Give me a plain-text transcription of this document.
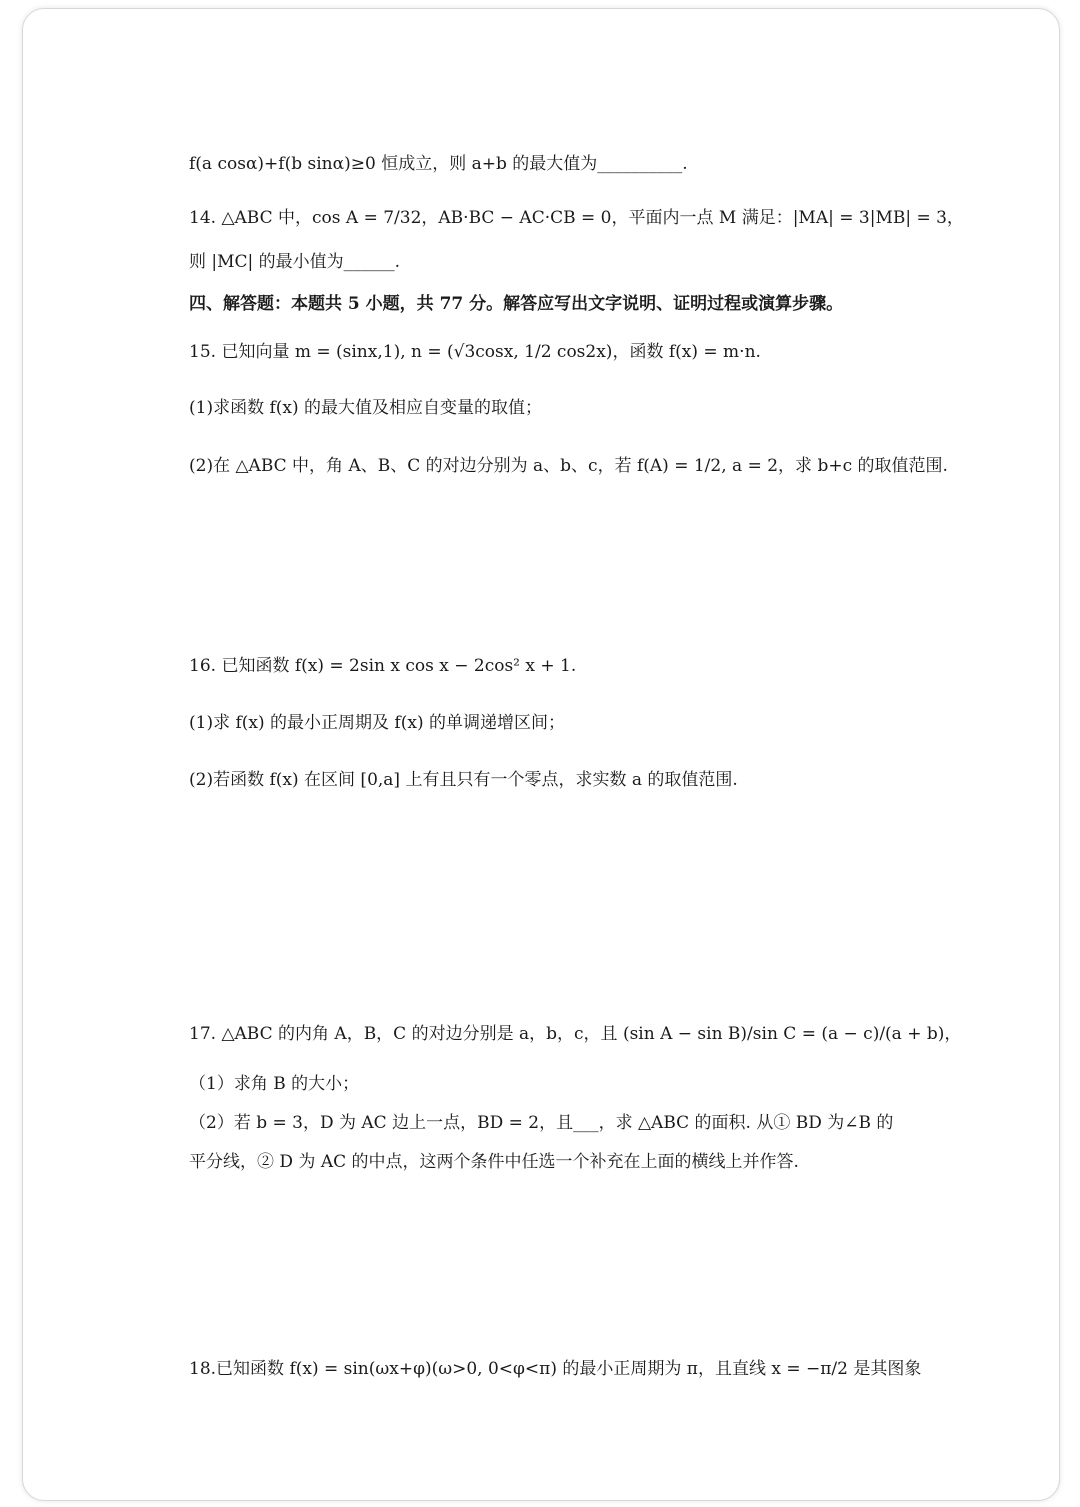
f(a cosα)+f(b sinα)≥0 恒成立，则 a+b 的最大值为__________.
14. △ABC 中，cos A = 7/32，AB·BC − AC·CB = 0，平面内一点 M 满足：|MA| = 3|MB| = 3，
则 |MC| 的最小值为______.
四、解答题：本题共 5 小题，共 77 分。解答应写出文字说明、证明过程或演算步骤。
15. 已知向量 m = (sinx,1), n = (√3cosx, 1/2 cos2x)，函数 f(x) = m·n.
(1)求函数 f(x) 的最大值及相应自变量的取值；
(2)在 △ABC 中，角 A、B、C 的对边分别为 a、b、c，若 f(A) = 1/2, a = 2，求 b+c 的取值范围.
16. 已知函数 f(x) = 2sin x cos x − 2cos² x + 1.
(1)求 f(x) 的最小正周期及 f(x) 的单调递增区间；
(2)若函数 f(x) 在区间 [0,a] 上有且只有一个零点，求实数 a 的取值范围.
17. △ABC 的内角 A，B，C 的对边分别是 a，b，c，且 (sin A − sin B)/sin C = (a − c)/(a + b)，
（1）求角 B 的大小；
（2）若 b = 3，D 为 AC 边上一点，BD = 2，且___，求 △ABC 的面积. 从① BD 为∠B 的
平分线，② D 为 AC 的中点，这两个条件中任选一个补充在上面的横线上并作答.
18.已知函数 f(x) = sin(ωx+φ)(ω>0, 0<φ<π) 的最小正周期为 π，且直线 x = −π/2 是其图象
